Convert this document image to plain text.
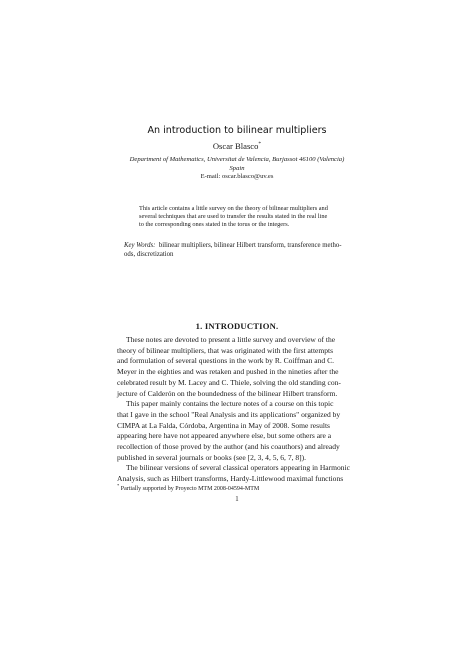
An introduction to bilinear multipliers
Oscar Blasco*
Department of Mathematics, Universitat de Valencia, Burjassot 46100 (Valencia)
Spain
E-mail: oscar.blasco@uv.es
This article contains a little survey on the theory of bilinear multipliers and
several techniques that are used to transfer the results stated in the real line
to the corresponding ones stated in the torus or the integers.
Key Words: bilinear multipliers, bilinear Hilbert transform, transference metho-
ods, discretization
1. INTRODUCTION.
These notes are devoted to present a little survey and overview of the
theory of bilinear multipliers, that was originated with the first attempts
and formulation of several questions in the work by R. Coiffman and C.
Meyer in the eighties and was retaken and pushed in the nineties after the
celebrated result by M. Lacey and C. Thiele, solving the old standing con-
jecture of Calderón on the boundedness of the bilinear Hilbert transform.
This paper mainly contains the lecture notes of a course on this topic
that I gave in the school "Real Analysis and its applications" organized by
CIMPA at La Falda, Córdoba, Argentina in May of 2008. Some results
appearing here have not appeared anywhere else, but some others are a
recollection of those proved by the author (and his coauthors) and already
published in several journals or books (see [2, 3, 4, 5, 6, 7, 8]).
The bilinear versions of several classical operators appearing in Harmonic
Analysis, such as Hilbert transforms, Hardy-Littlewood maximal functions
* Partially supported by Proyecto MTM 2008-04594-MTM
1
